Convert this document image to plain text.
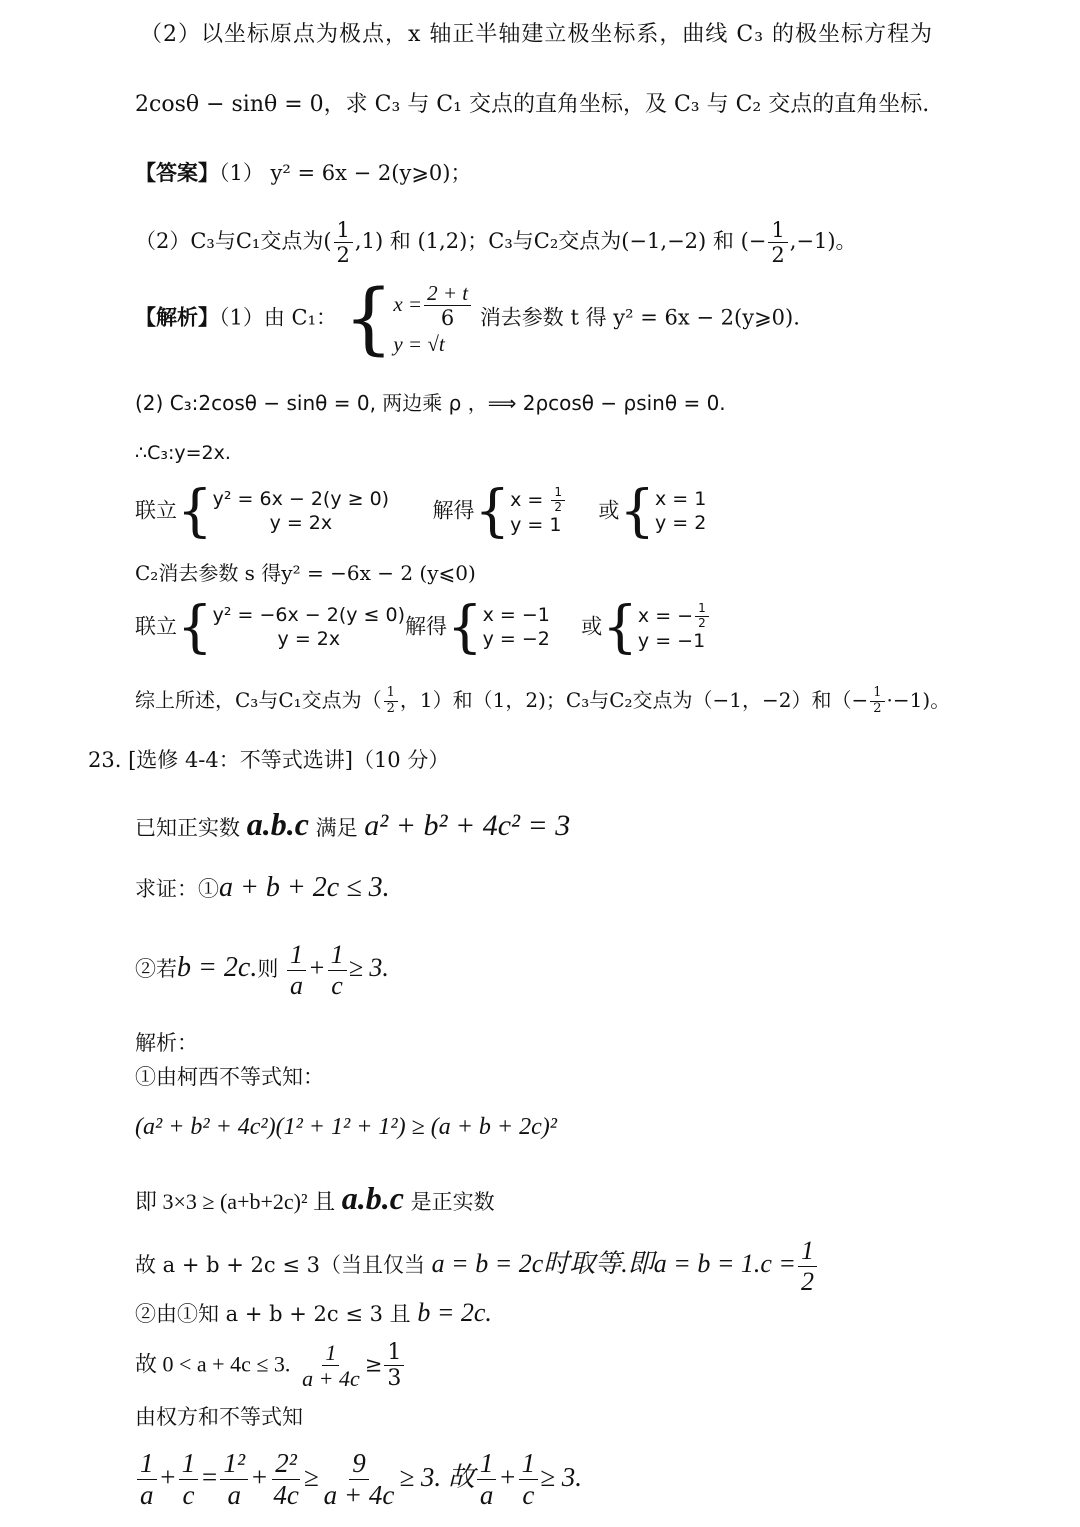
（2）以坐标原点为极点，x 轴正半轴建立极坐标系，曲线 C₃ 的极坐标方程为
2cosθ − sinθ = 0，求 C₃ 与 C₁ 交点的直角坐标，及 C₃ 与 C₂ 交点的直角坐标.
【答案】（1） y² = 6x − 2(y⩾0)；
（2）C₃与C₁交点为( $\frac{1}{2} ,1$) 和 (1,2)；C₃与C₂交点为(−1,−2) 和 (− $\frac{1}{2} ,-1$)。
【解析】（1）由 C₁： { $x = \frac{2 + t}{6}$
y = √t
消去参数 t 得 y² = 6x − 2(y⩾0).
(2) C₃:2cosθ − sinθ = 0, 两边乘 ρ ，⟹ 2ρcosθ − ρsinθ = 0.
∴C₃:y=2x.
联立 { y² = 6x − 2(y ≥ 0)
y = 2x
解得 { $x = \frac{1}{2}$
y = 1
或 { x = 1
y = 2
C₂消去参数 s 得y² = −6x − 2 (y⩽0)
联立 { y² = −6x − 2(y ≤ 0)
y = 2x
解得 { x = −1
y = −2
或 { x = − $\frac{1}{2}$
y = −1
综上所述，C₃与C₁交点为（ $\frac{1}{2}$ ，1）和（1，2)；C₃与C₂交点为（−1，−2）和（− $\frac{1}{2} \cdot-1$)。
23. [选修 4-4：不等式选讲]（10 分）
已知正实数 a.b.c 满足 a² + b² + 4c² = 3
求证：①a + b + 2c ≤ 3.
②若b = 2c.则 $\frac{1}{a} + \frac{1}{c} \ge 3$.
解析：
①由柯西不等式知：
(a² + b² + 4c²)(1² + 1² + 1²) ≥ (a + b + 2c)²
即 3×3 ≥ (a+b+2c)² 且 a.b.c 是正实数
故 a + b + 2c ≤ 3（当且仅当 a = b = 2c时取等.即$a = b = 1.c = \frac{1}{2}$
②由①知 a + b + 2c ≤ 3 且 b = 2c.
故 0 < a + 4c ≤ 3. $\frac{1}{a + 4c} \ge \frac{1}{3}$
由权方和不等式知
$\frac{1}{a} + \frac{1}{c} = \frac{\text{1²}}{a} + \frac{\text{2²}}{4c} \ge \frac{9}{a + 4c} \ge 3$. 故 $\frac{1}{a} + \frac{1}{c} \ge 3$.
